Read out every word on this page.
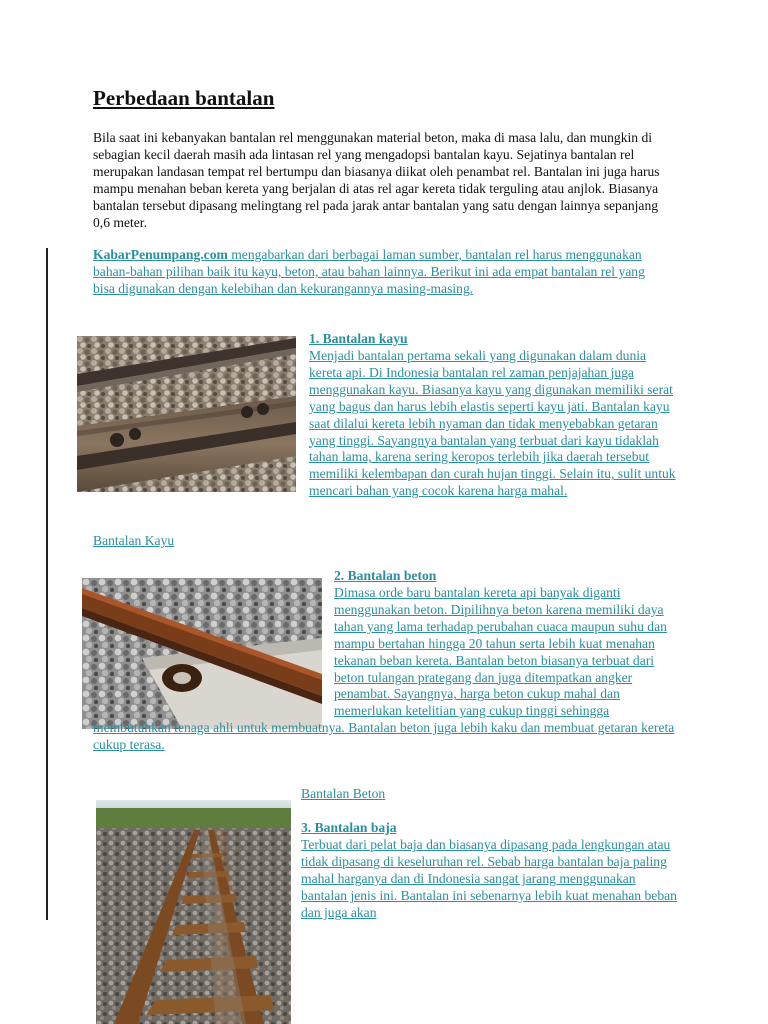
Perbedaan bantalan

Bila saat ini kebanyakan bantalan rel menggunakan material beton, maka di masa lalu, dan mungkin di sebagian kecil daerah masih ada lintasan rel yang mengadopsi bantalan kayu. Sejatinya bantalan rel merupakan landasan tempat rel bertumpu dan biasanya diikat oleh penambat rel. Bantalan ini juga harus mampu menahan beban kereta yang berjalan di atas rel agar kereta tidak terguling atau anjlok. Biasanya bantalan tersebut dipasang melingtang rel pada jarak antar bantalan yang satu dengan lainnya sepanjang 0,6 meter.

KabarPenumpang.com mengabarkan dari berbagai laman sumber, bantalan rel harus menggunakan bahan-bahan pilihan baik itu kayu, beton, atau bahan lainnya. Berikut ini ada empat bantalan rel yang bisa digunakan dengan kelebihan dan kekurangannya masing-masing.

1. Bantalan kayu
Menjadi bantalan pertama sekali yang digunakan dalam dunia kereta api. Di Indonesia bantalan rel zaman penjajahan juga menggunakan kayu. Biasanya kayu yang digunakan memiliki serat yang bagus dan harus lebih elastis seperti kayu jati. Bantalan kayu saat dilalui kereta lebih nyaman dan tidak menyebabkan getaran yang tinggi. Sayangnya bantalan yang terbuat dari kayu tidaklah tahan lama, karena sering keropos terlebih jika daerah tersebut memiliki kelembapan dan curah hujan tinggi. Selain itu, sulit untuk mencari bahan yang cocok karena harga mahal.
Bantalan Kayu
2. Bantalan beton
Dimasa orde baru bantalan kereta api banyak diganti menggunakan beton. Dipilihnya beton karena memiliki daya tahan yang lama terhadap perubahan cuaca maupun suhu dan mampu bertahan hingga 20 tahun serta lebih kuat menahan tekanan beban kereta. Bantalan beton biasanya terbuat dari beton tulangan prategang dan juga ditempatkan angker penambat. Sayangnya, harga beton cukup mahal dan memerlukan ketelitian yang cukup tinggi sehingga membutuhkan tenaga ahli untuk membuatnya. Bantalan beton juga lebih kaku dan membuat getaran kereta cukup terasa.
Bantalan Beton
3. Bantalan baja
Terbuat dari pelat baja dan biasanya dipasang pada lengkungan atau tidak dipasang di keseluruhan rel. Sebab harga bantalan baja paling mahal harganya dan di Indonesia sangat jarang menggunakan bantalan jenis ini. Bantalan ini sebenarnya lebih kuat menahan beban dan juga akan
